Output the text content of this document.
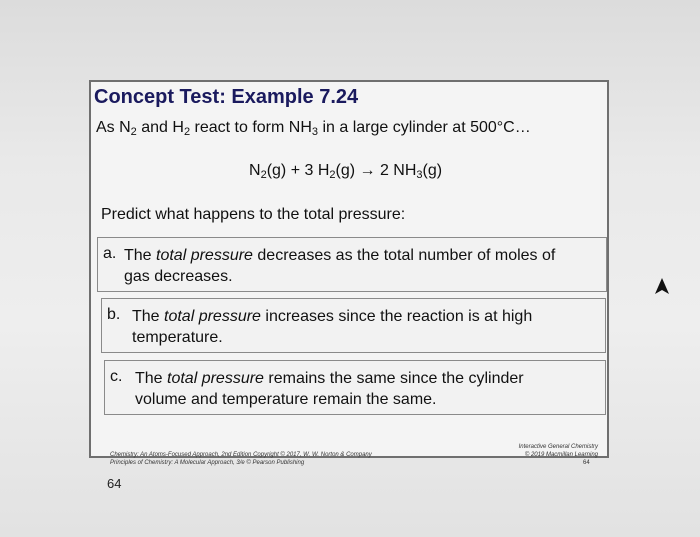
Concept Test: Example 7.24
As $N_2$ and $H_2$ react to form $NH_3$ in a large cylinder at 500°C…
$N_2(g) + 3$ $H_2(g) \to 2$ $NH_3(g)$
Predict what happens to the total pressure:
a. The total pressure decreases as the total number of moles of
gas decreases.
b. The total pressure increases since the reaction is at high
temperature.
c. The total pressure remains the same since the cylinder
volume and temperature remain the same.
Chemistry: An Atoms-Focused Approach, 2nd Edition Copyright © 2017, W. W. Norton & Company
Principles of Chemistry: A Molecular Approach, 3/e © Pearson Publishing
Interactive General Chemistry
© 2019 Macmillan Learning
64
64
